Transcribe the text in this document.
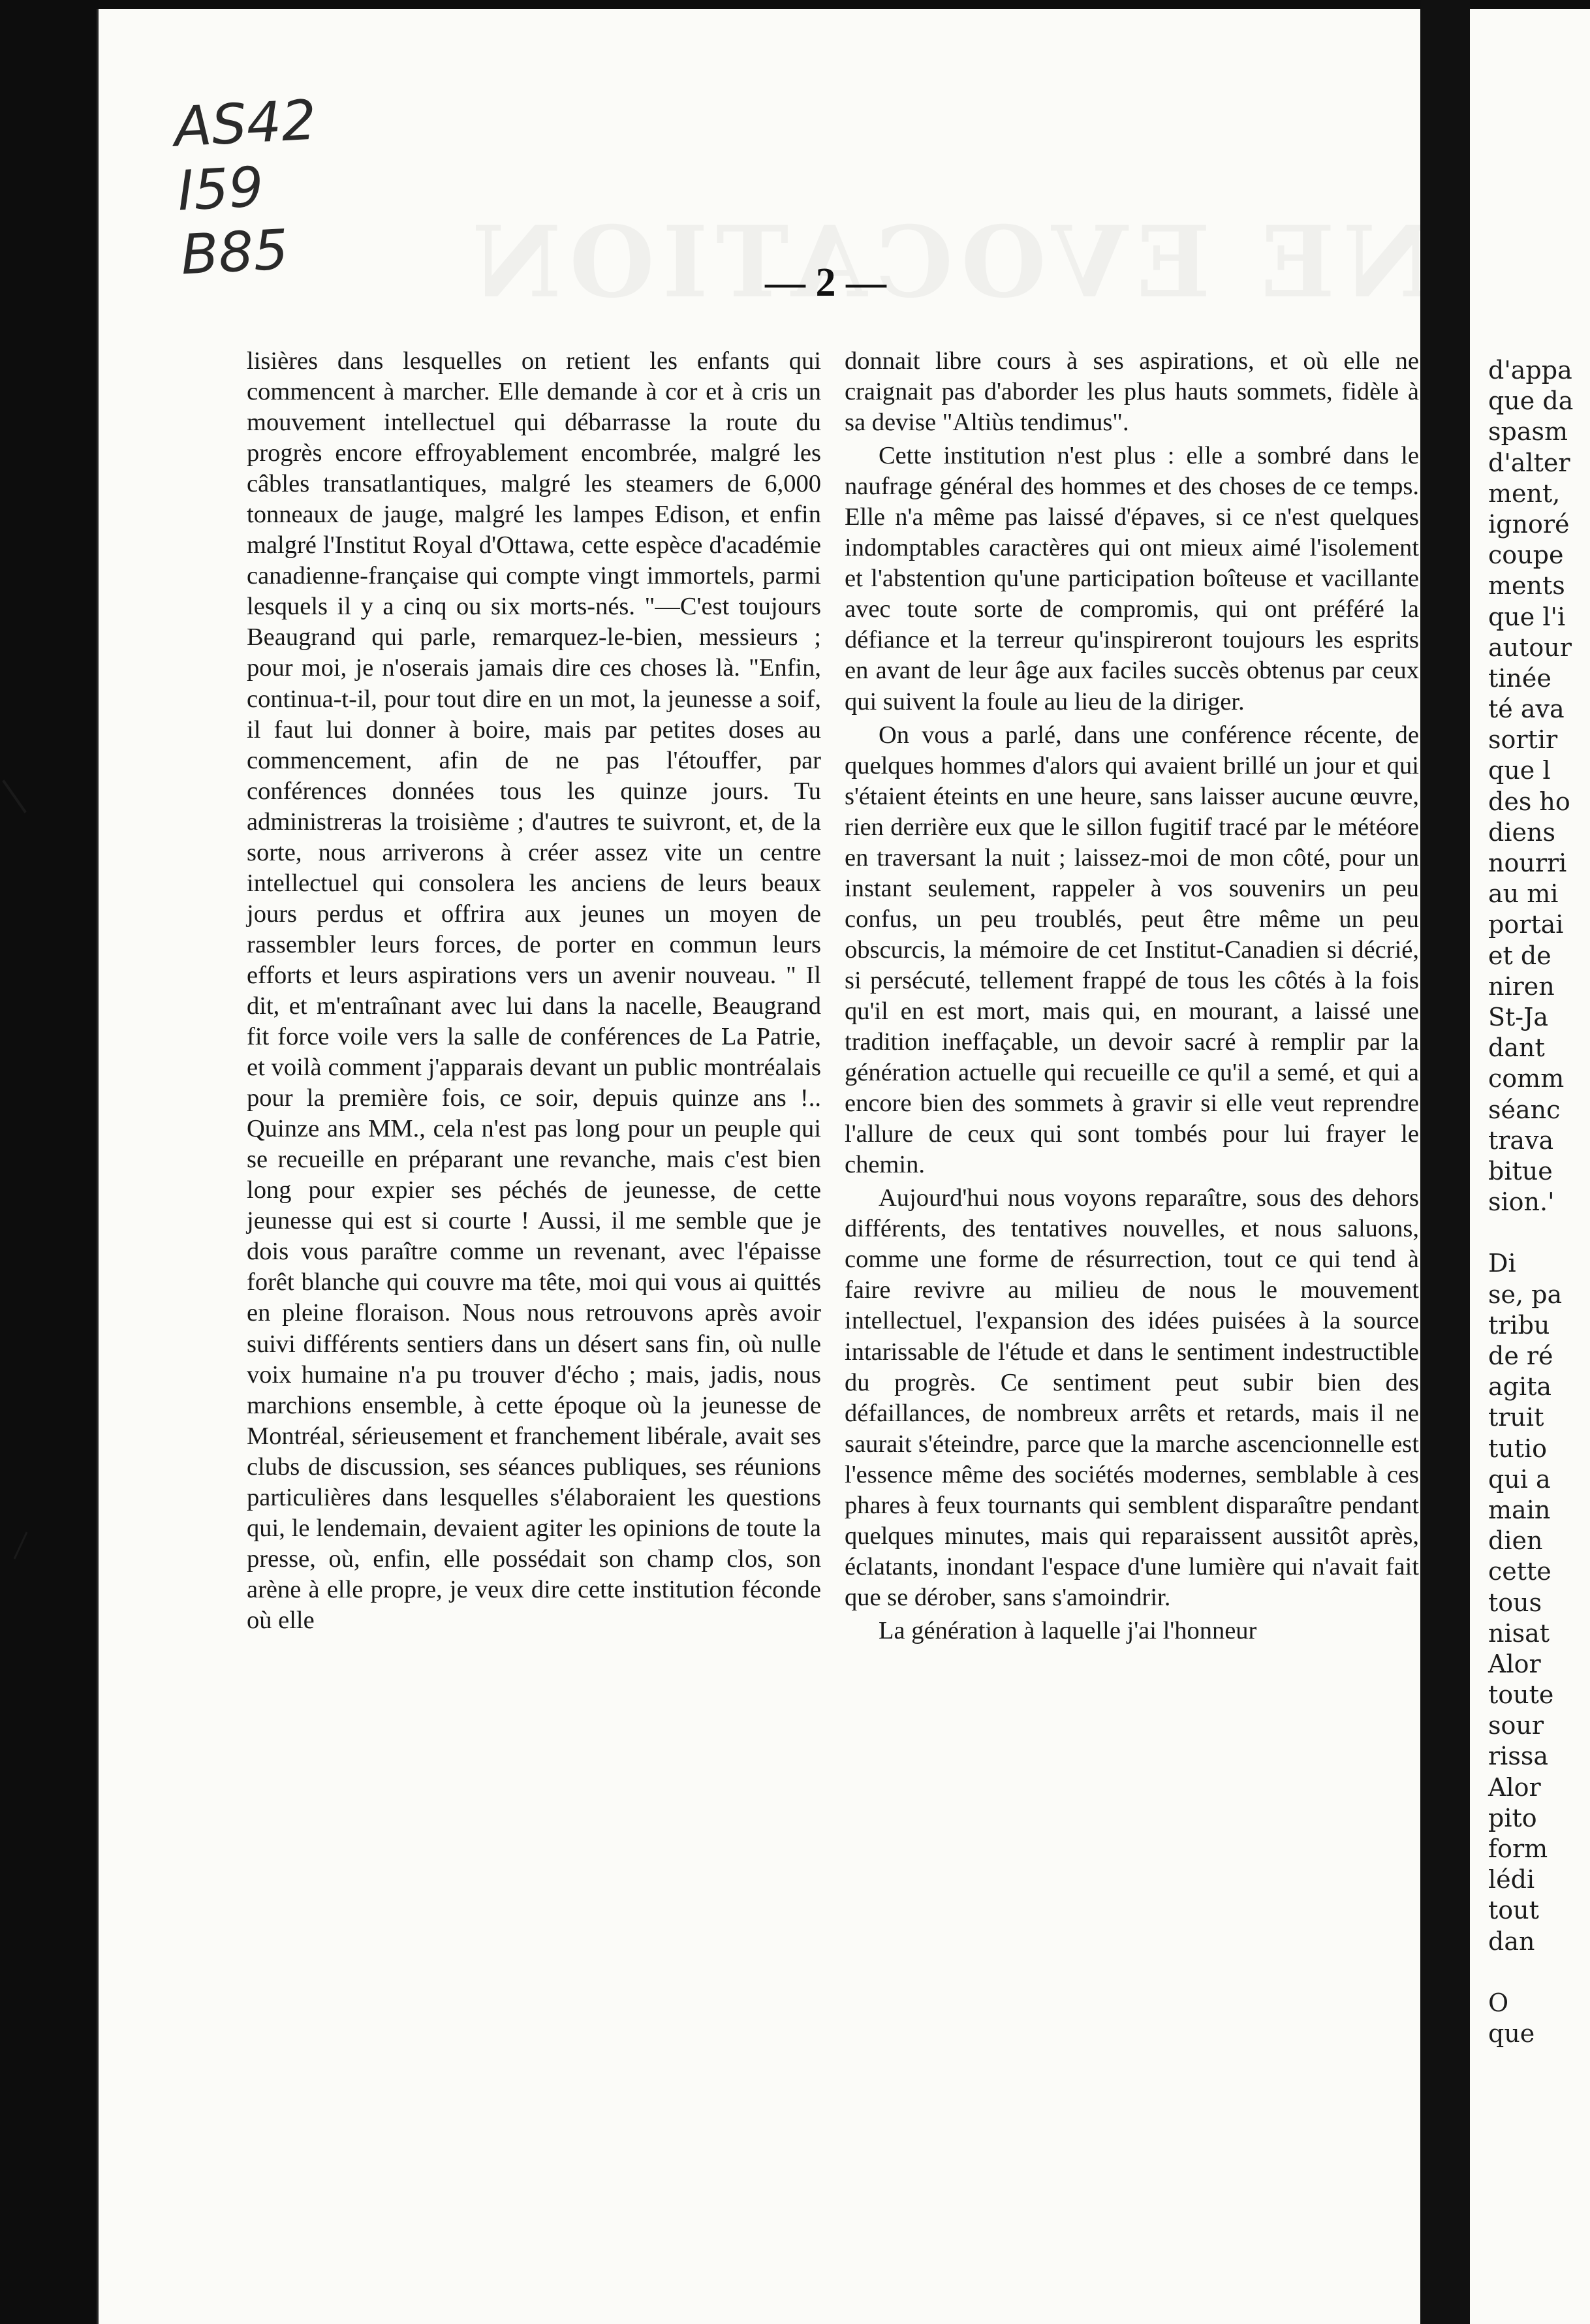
d'appa
que da
spasm
d'alter
ment,
ignoré
coupe
ments
que l'i
autour
tinée
té ava
sortir
que l
des ho
diens
nourri
au mi
portai
et de
niren
St-Ja
dant
comm
séanc
trava
bitue
sion.'
Di
se, pa
tribu
de ré
agita
truit
tutio
qui a
main
dien
cette
tous
nisat
Alor
toute
sour
rissa
Alor
pito
form
lédi
tout
dan
O
que
AS42
I59
B85	— 2 —

lisières dans lesquelles on retient les enfants qui commencent à marcher. Elle demande à cor et à cris un mouvement intellectuel qui débarrasse la route du progrès encore effroyablement encombrée, malgré les câbles transatlantiques, malgré les steamers de 6,000 tonneaux de jauge, malgré les lampes Edison, et enfin malgré l'Institut Royal d'Ottawa, cette espèce d'académie canadienne-française qui compte vingt immortels, parmi lesquels il y a cinq ou six morts-nés. "—C'est toujours Beaugrand qui parle, remarquez-le-bien, messieurs ; pour moi, je n'oserais jamais dire ces choses là. "Enfin, continua-t-il, pour tout dire en un mot, la jeunesse a soif, il faut lui donner à boire, mais par petites doses au commencement, afin de ne pas l'étouffer, par conférences données tous les quinze jours. Tu administreras la troisième ; d'autres te suivront, et, de la sorte, nous arriverons à créer assez vite un centre intellectuel qui consolera les anciens de leurs beaux jours perdus et offrira aux jeunes un moyen de rassembler leurs forces, de porter en commun leurs efforts et leurs aspirations vers un avenir nouveau. " Il dit, et m'entraînant avec lui dans la nacelle, Beaugrand fit force voile vers la salle de conférences de La Patrie, et voilà comment j'apparais devant un public montréalais pour la première fois, ce soir, depuis quinze ans !.. Quinze ans MM., cela n'est pas long pour un peuple qui se recueille en préparant une revanche, mais c'est bien long pour expier ses péchés de jeunesse, de cette jeunesse qui est si courte ! Aussi, il me semble que je dois vous paraître comme un revenant, avec l'épaisse forêt blanche qui couvre ma tête, moi qui vous ai quittés en pleine floraison. Nous nous retrouvons après avoir suivi différents sentiers dans un désert sans fin, où nulle voix humaine n'a pu trouver d'écho ; mais, jadis, nous marchions ensemble, à cette époque où la jeunesse de Montréal, sérieusement et franchement libérale, avait ses clubs de discussion, ses séances publiques, ses réunions particulières dans lesquelles s'élaboraient les questions qui, le lendemain, devaient agiter les opinions de toute la presse, où, enfin, elle possédait son champ clos, son arène à elle propre, je veux dire cette institution féconde où elle

donnait libre cours à ses aspirations, et où elle ne craignait pas d'aborder les plus hauts sommets, fidèle à sa devise "Altiùs tendimus".

Cette institution n'est plus : elle a sombré dans le naufrage général des hommes et des choses de ce temps. Elle n'a même pas laissé d'épaves, si ce n'est quelques indomptables caractères qui ont mieux aimé l'isolement et l'abstention qu'une participation boîteuse et vacillante avec toute sorte de compromis, qui ont préféré la défiance et la terreur qu'inspireront toujours les esprits en avant de leur âge aux faciles succès obtenus par ceux qui suivent la foule au lieu de la diriger.

On vous a parlé, dans une conférence récente, de quelques hommes d'alors qui avaient brillé un jour et qui s'étaient éteints en une heure, sans laisser aucune œuvre, rien derrière eux que le sillon fugitif tracé par le météore en traversant la nuit ; laissez-moi de mon côté, pour un instant seulement, rappeler à vos souvenirs un peu confus, un peu troublés, peut être même un peu obscurcis, la mémoire de cet Institut-Canadien si décrié, si persécuté, tellement frappé de tous les côtés à la fois qu'il en est mort, mais qui, en mourant, a laissé une tradition ineffaçable, un devoir sacré à remplir par la génération actuelle qui recueille ce qu'il a semé, et qui a encore bien des sommets à gravir si elle veut reprendre l'allure de ceux qui sont tombés pour lui frayer le chemin.

Aujourd'hui nous voyons reparaître, sous des dehors différents, des tentatives nouvelles, et nous saluons, comme une forme de résurrection, tout ce qui tend à faire revivre au milieu de nous le mouvement intellectuel, l'expansion des idées puisées à la source intarissable de l'étude et dans le sentiment indestructible du progrès. Ce sentiment peut subir bien des défaillances, de nombreux arrêts et retards, mais il ne saurait s'éteindre, parce que la marche ascencionnelle est l'essence même des sociétés modernes, semblable à ces phares à feux tournants qui semblent disparaître pendant quelques minutes, mais qui reparaissent aussitôt après, éclatants, inondant l'espace d'une lumière qui n'avait fait que se dérober, sans s'amoindrir.

La génération à laquelle j'ai l'honneur
